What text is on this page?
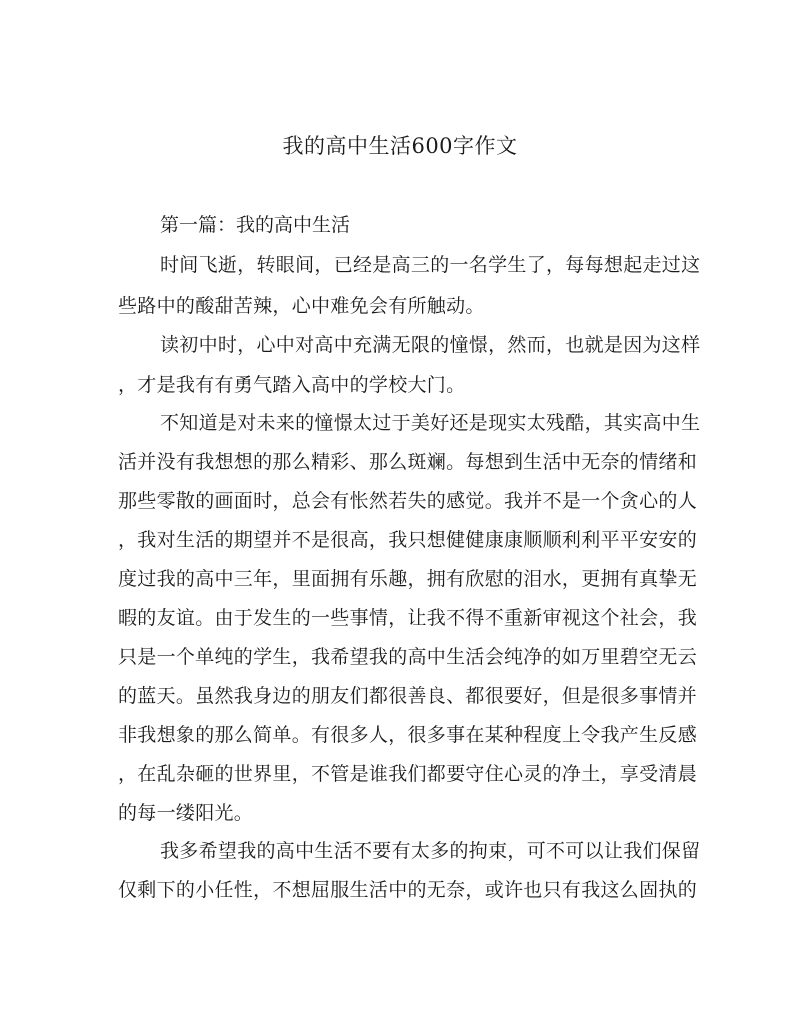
我的高中生活600字作文
第一篇：我的高中生活
时间飞逝，转眼间，已经是高三的一名学生了，每每想起走过这
些路中的酸甜苦辣，心中难免会有所触动。
读初中时，心中对高中充满无限的憧憬，然而，也就是因为这样
，才是我有有勇气踏入高中的学校大门。
不知道是对未来的憧憬太过于美好还是现实太残酷，其实高中生
活并没有我想想的那么精彩、那么斑斓。每想到生活中无奈的情绪和
那些零散的画面时，总会有怅然若失的感觉。我并不是一个贪心的人
，我对生活的期望并不是很高，我只想健健康康顺顺利利平平安安的
度过我的高中三年，里面拥有乐趣，拥有欣慰的泪水，更拥有真挚无
暇的友谊。由于发生的一些事情，让我不得不重新审视这个社会，我
只是一个单纯的学生，我希望我的高中生活会纯净的如万里碧空无云
的蓝天。虽然我身边的朋友们都很善良、都很要好，但是很多事情并
非我想象的那么简单。有很多人，很多事在某种程度上令我产生反感
，在乱杂砸的世界里，不管是谁我们都要守住心灵的净土，享受清晨
的每一缕阳光。
我多希望我的高中生活不要有太多的拘束，可不可以让我们保留
仅剩下的小任性，不想屈服生活中的无奈，或许也只有我这么固执的
